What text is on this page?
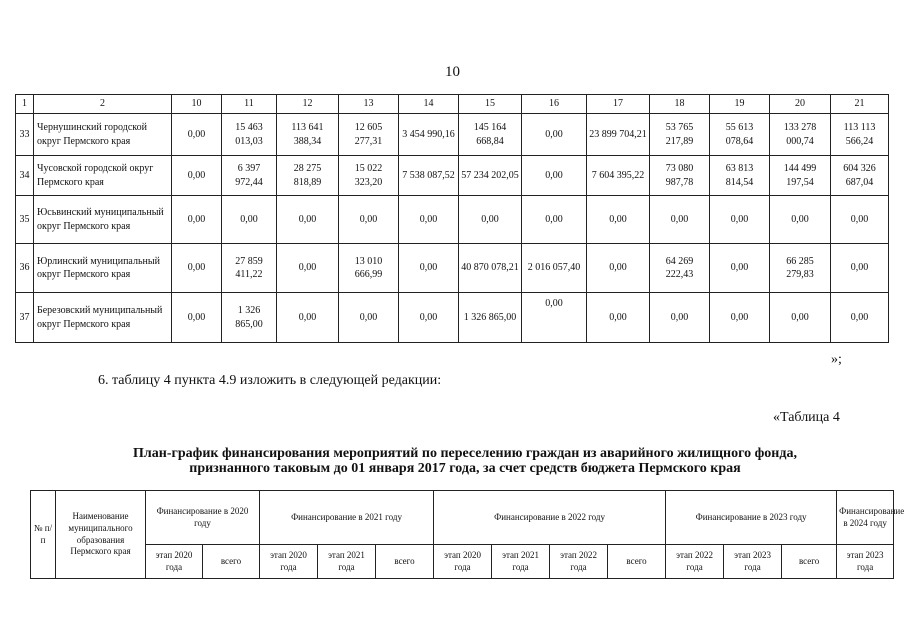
10
1	2	10	11	12	13	14	15	16	17	18	19	20	21
33	Чернушинский городской округ Пермского края	0,00	15 463 013,03	113 641 388,34	12 605 277,31	3 454 990,16	145 164 668,84	0,00	23 899 704,21	53 765 217,89	55 613 078,64	133 278 000,74	113 113 566,24
34	Чусовской городской округ Пермского края	0,00	6 397 972,44	28 275 818,89	15 022 323,20	7 538 087,52	57 234 202,05	0,00	7 604 395,22	73 080 987,78	63 813 814,54	144 499 197,54	604 326 687,04
35	Юсьвинский муниципальный округ Пермского края	0,00	0,00	0,00	0,00	0,00	0,00	0,00	0,00	0,00	0,00	0,00	0,00
36	Юрлинский муниципальный округ Пермского края	0,00	27 859 411,22	0,00	13 010 666,99	0,00	40 870 078,21	2 016 057,40	0,00	64 269 222,43	0,00	66 285 279,83	0,00
37	Березовский муниципальный округ Пермского края	0,00	1 326 865,00	0,00	0,00	0,00	1 326 865,00	0,00	0,00	0,00	0,00	0,00	0,00
»;
6. таблицу 4 пункта 4.9 изложить в следующей редакции:
«Таблица 4
План-график финансирования мероприятий по переселению граждан из аварийного жилищного фонда,
признанного таковым до 01 января 2017 года, за счет средств бюджета Пермского края
№ п/п	Наименование муниципального образования Пермского края	Финансирование в 2020 году		Финансирование в 2021 году			Финансирование в 2022 году				Финансирование в 2023 году			Финансирование в 2024 году
		этап 2020 года	всего	этап 2020 года	этап 2021 года	всего	этап 2020 года	этап 2021 года	этап 2022 года	всего	этап 2022 года	этап 2023 года	всего	этап 2023 года
